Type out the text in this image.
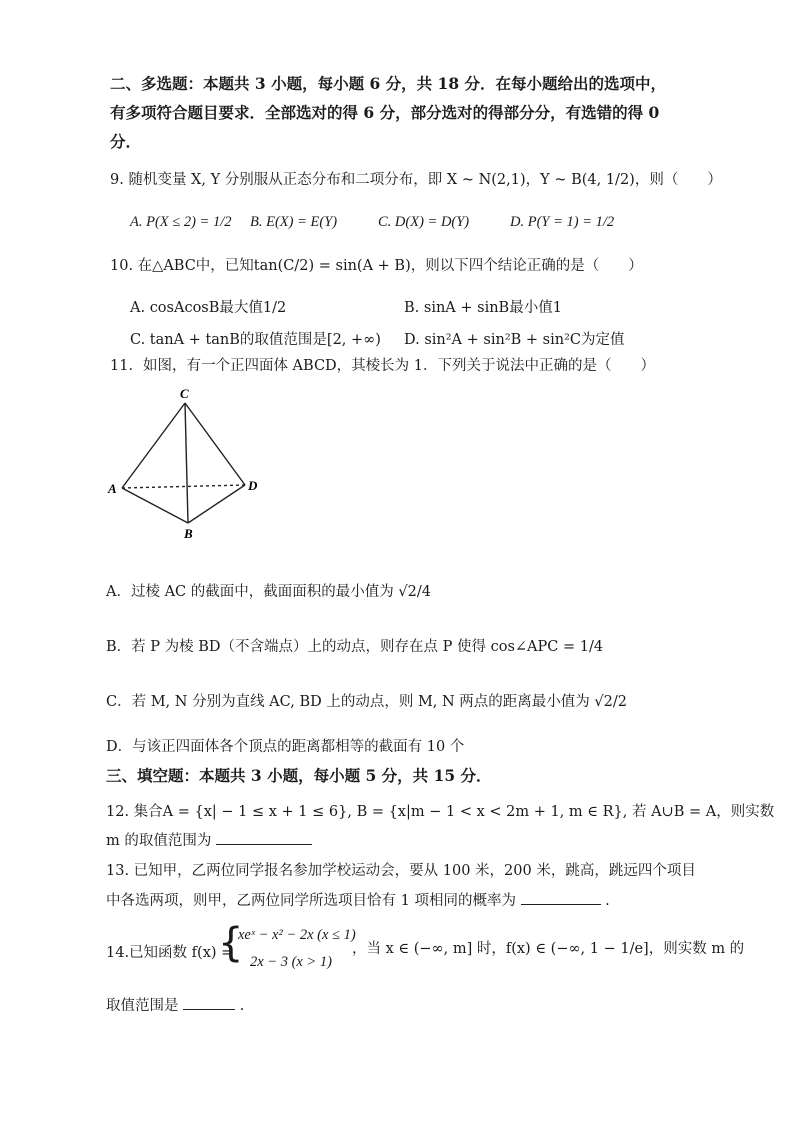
二、多选题：本题共 3 小题，每小题 6 分，共 18 分．在每小题给出的选项中，
有多项符合题目要求．全部选对的得 6 分，部分选对的得部分分，有选错的得 0
分．
9. 随机变量 X, Y 分别服从正态分布和二项分布，即 X ~ N(2,1)，Y ~ B(4, 1/2)，则（　　）
A. P(X ≤ 2) = 1/2 B. E(X) = E(Y)	C. D(X) = D(Y)	D. P(Y = 1) = 1/2
10. 在△ABC中，已知tan(C/2) = sin(A + B)，则以下四个结论正确的是（　　）
A. cosAcosB最大值1/2	B. sinA + sinB最小值1
C. tanA + tanB的取值范围是[2, +∞) D. sin²A + sin²B + sin²C为定值
11．如图，有一个正四面体 ABCD，其棱长为 1．下列关于说法中正确的是（　　）
C
A	D
B
A．过棱 AC 的截面中，截面面积的最小值为 √2/4
B．若 P 为棱 BD（不含端点）上的动点，则存在点 P 使得 cos∠APC = 1/4
C．若 M, N 分别为直线 AC, BD 上的动点，则 M, N 两点的距离最小值为 √2/2
D．与该正四面体各个顶点的距离都相等的截面有 10 个
三、填空题：本题共 3 小题，每小题 5 分，共 15 分．
12. 集合A = {x| − 1 ≤ x + 1 ≤ 6}, B = {x|m − 1 < x < 2m + 1, m ∈ R}, 若 A∪B = A，则实数
m 的取值范围为
13. 已知甲，乙两位同学报名参加学校运动会，要从 100 米，200 米，跳高，跳远四个项目
中各选两项，则甲，乙两位同学所选项目恰有 1 项相同的概率为	.
14.已知函数 f(x) =
{
xeˣ − x² − 2x (x ≤ 1)
2x − 3 (x > 1)
，当 x ∈ (−∞, m] 时，f(x) ∈ (−∞, 1 − 1/e]，则实数 m 的
取值范围是	.
